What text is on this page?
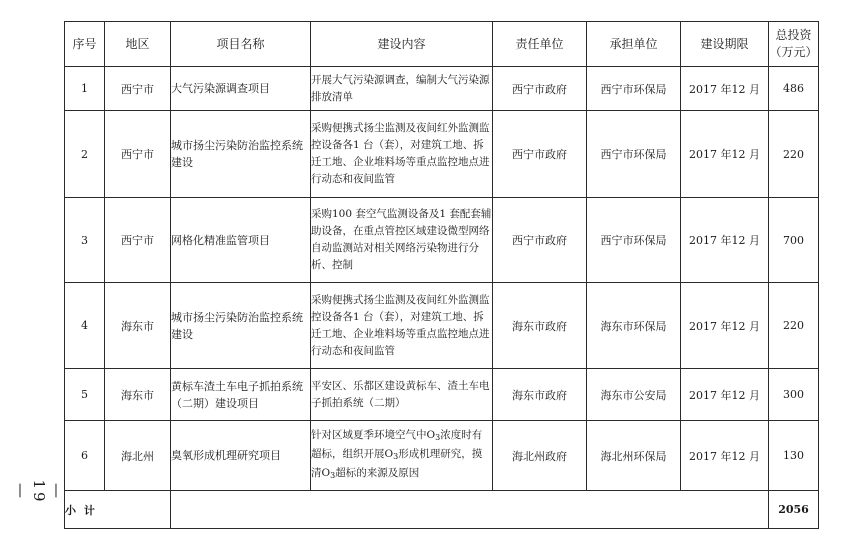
序号	地区	项目名称	建设内容	责任单位	承担单位	建设期限	总投资
（万元）

1	西宁市	大气污染源调查项目	开展大气污染源调查，编制大气污染源排放清单	西宁市政府	西宁市环保局	2017 年12 月	486
2	西宁市	城市扬尘污染防治监控系统建设	采购便携式扬尘监测及夜间红外监测监控设备各1 台（套），对建筑工地、拆迁工地、企业堆料场等重点监控地点进行动态和夜间监管	西宁市政府	西宁市环保局	2017 年12 月	220
3	西宁市	网格化精准监管项目	采购100 套空气监测设备及1 套配套辅助设备，在重点管控区域建设微型网络自动监测站对相关网络污染物进行分析、控制	西宁市政府	西宁市环保局	2017 年12 月	700
4	海东市	城市扬尘污染防治监控系统建设	采购便携式扬尘监测及夜间红外监测监控设备各1 台（套），对建筑工地、拆迁工地、企业堆料场等重点监控地点进行动态和夜间监管	海东市政府	海东市环保局	2017 年12 月	220
5	海东市	黄标车渣土车电子抓拍系统（二期）建设项目	平安区、乐都区建设黄标车、渣土车电子抓拍系统（二期）	海东市政府	海东市公安局	2017 年12 月	300
6	海北州	臭氧形成机理研究项目	针对区域夏季环境空气中$O_3$浓度时有超标，组织开展$O_3$形成机理研究，摸清$O_3$超标的来源及原因	海北州政府	海北州环保局	2017 年12 月	130
小 计							2056
— 19 —
